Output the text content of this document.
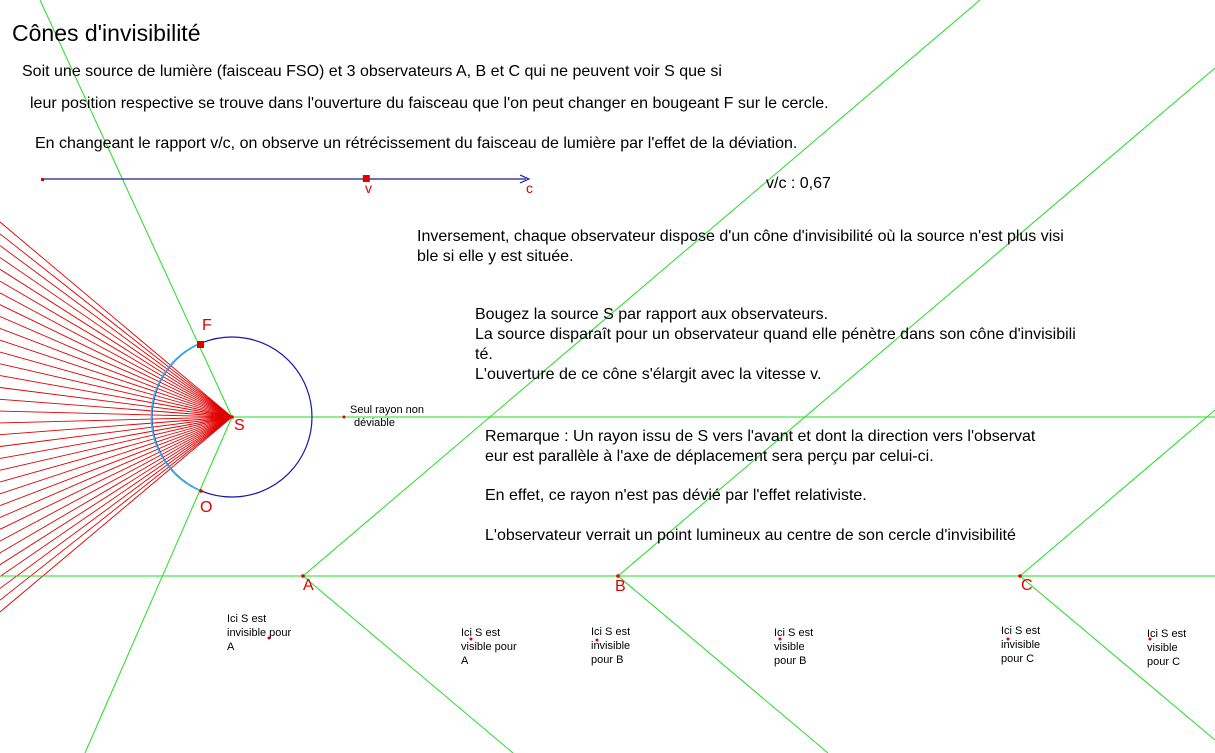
Cônes d'invisibilité
Soit une source de lumière (faisceau FSO) et 3 observateurs A, B et C qui ne peuvent voir S que si
leur position respective se trouve dans l'ouverture du faisceau que l'on peut changer en bougeant F sur le cercle.
En changeant le rapport v/c, on observe un rétrécissement du faisceau de lumière par l'effet de la déviation.
v	c	v/c : 0,67
Inversement, chaque observateur dispose d'un cône d'invisibilité où la source n'est plus visi
ble si elle y est située.
Bougez la source S par rapport aux observateurs.
La source disparaît pour un observateur quand elle pénètre dans son cône d'invisibili
té.
L'ouverture de ce cône s'élargit avec la vitesse v.
Remarque : Un rayon issu de S vers l'avant et dont la direction vers l'observat
eur est parallèle à l'axe de déplacement sera perçu par celui-ci.
En effet, ce rayon n'est pas dévié par l'effet relativiste.
L'observateur verrait un point lumineux au centre de son cercle d'invisibilité
Seul rayon non
déviable
F
S
O
A	B	C
Ici S est
invisible pour
A
Ici S est
visible pour
A
Ici S est
invisible
pour B
Ici S est
visible
pour B
Ici S est
invisible
pour C
Ici S est
visible
pour C
